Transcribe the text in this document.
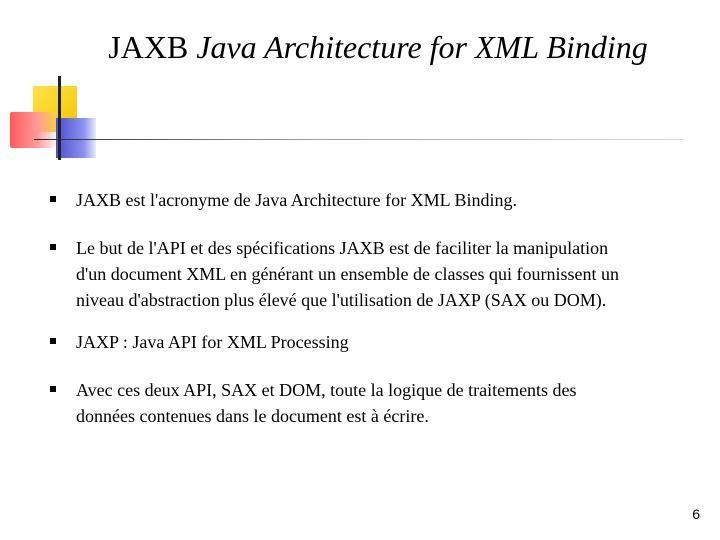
JAXB Java Architecture for XML Binding
JAXB est l'acronyme de Java Architecture for XML Binding.
Le but de l'API et des spécifications JAXB est de faciliter la manipulation
d'un document XML en générant un ensemble de classes qui fournissent un
niveau d'abstraction plus élevé que l'utilisation de JAXP (SAX ou DOM).
JAXP : Java API for XML Processing
Avec ces deux API, SAX et DOM, toute la logique de traitements des
données contenues dans le document est à écrire.
6
